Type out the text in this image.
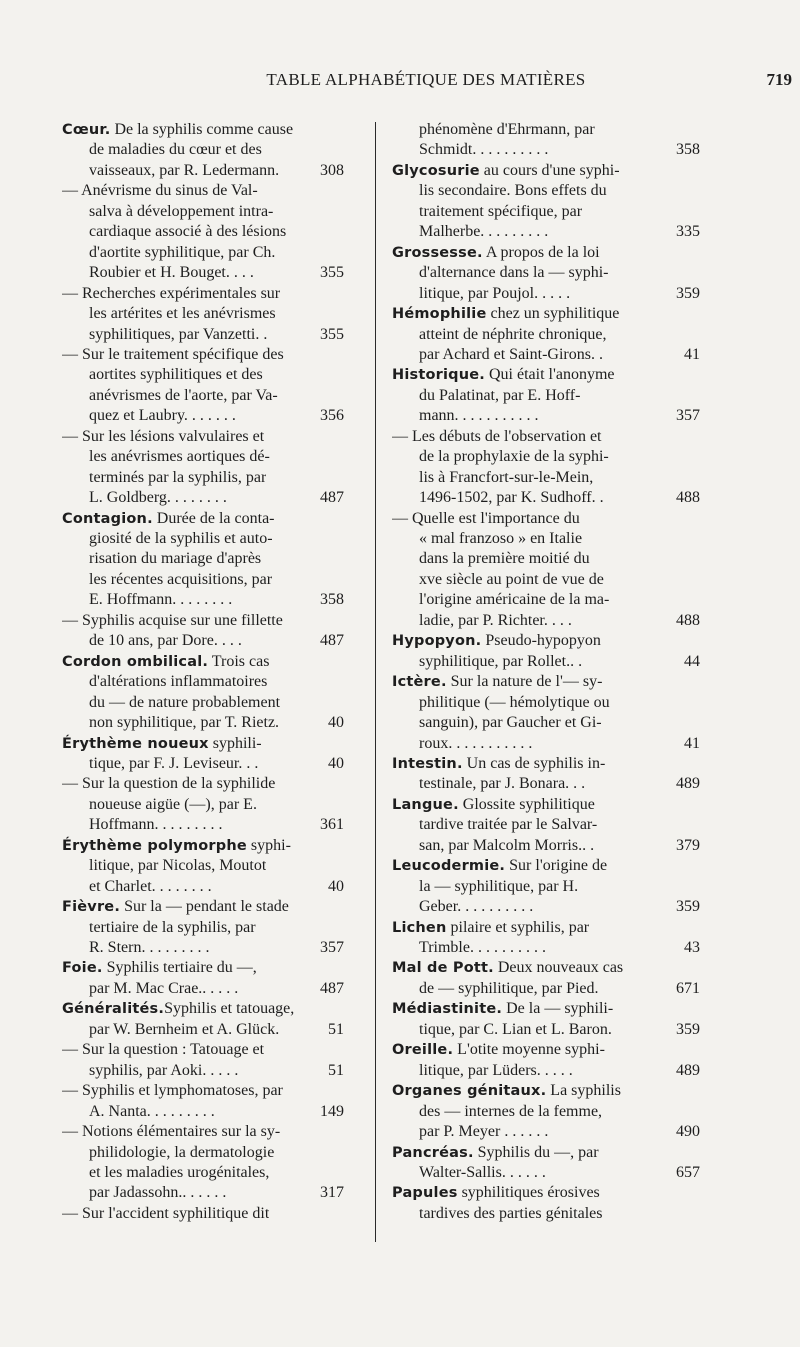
TABLE ALPHABÉTIQUE DES MATIÈRES	719
Cœur. De la syphilis comme cause
de maladies du cœur et des
vaisseaux, par R. Ledermann.	308
— Anévrisme du sinus de Val-
salva à développement intra-
cardiaque associé à des lésions
d'aortite syphilitique, par Ch.
Roubier et H. Bouget. . . .	355
— Recherches expérimentales sur
les artérites et les anévrismes
syphilitiques, par Vanzetti. .	355
— Sur le traitement spécifique des
aortites syphilitiques et des
anévrismes de l'aorte, par Va-
quez et Laubry. . . . . . .	356
— Sur les lésions valvulaires et
les anévrismes aortiques dé-
terminés par la syphilis, par
L. Goldberg. . . . . . . .	487
Contagion. Durée de la conta-
giosité de la syphilis et auto-
risation du mariage d'après
les récentes acquisitions, par
E. Hoffmann. . . . . . . .	358
— Syphilis acquise sur une fillette
de 10 ans, par Dore. . . .	487
Cordon ombilical. Trois cas
d'altérations inflammatoires
du — de nature probablement
non syphilitique, par T. Rietz.	40
Érythème noueux syphili-
tique, par F. J. Leviseur. . .	40
— Sur la question de la syphilide
noueuse aigüe (—), par E.
Hoffmann. . . . . . . . .	361
Érythème polymorphe syphi-
litique, par Nicolas, Moutot
et Charlet. . . . . . . .	40
Fièvre. Sur la — pendant le stade
tertiaire de la syphilis, par
R. Stern. . . . . . . . .	357
Foie. Syphilis tertiaire du —,
par M. Mac Crae.. . . . .	487
Généralités.Syphilis et tatouage,
par W. Bernheim et A. Glück.	51
— Sur la question : Tatouage et
syphilis, par Aoki. . . . .	51
— Syphilis et lymphomatoses, par
A. Nanta. . . . . . . . .	149
— Notions élémentaires sur la sy-
philidologie, la dermatologie
et les maladies urogénitales,
par Jadassohn.. . . . . .	317
— Sur l'accident syphilitique dit
phénomène d'Ehrmann, par
Schmidt. . . . . . . . . .	358
Glycosurie au cours d'une syphi-
lis secondaire. Bons effets du
traitement spécifique, par
Malherbe. . . . . . . . .	335
Grossesse. A propos de la loi
d'alternance dans la — syphi-
litique, par Poujol. . . . .	359
Hémophilie chez un syphilitique
atteint de néphrite chronique,
par Achard et Saint-Girons. .	41
Historique. Qui était l'anonyme
du Palatinat, par E. Hoff-
mann. . . . . . . . . . .	357
— Les débuts de l'observation et
de la prophylaxie de la syphi-
lis à Francfort-sur-le-Mein,
1496-1502, par K. Sudhoff. .	488
— Quelle est l'importance du
« mal franzoso » en Italie
dans la première moitié du
xve siècle au point de vue de
l'origine américaine de la ma-
ladie, par P. Richter. . . .	488
Hypopyon. Pseudo-hypopyon
syphilitique, par Rollet.. .	44
Ictère. Sur la nature de l'— sy-
philitique (— hémolytique ou
sanguin), par Gaucher et Gi-
roux. . . . . . . . . . .	41
Intestin. Un cas de syphilis in-
testinale, par J. Bonara. . .	489
Langue. Glossite syphilitique
tardive traitée par le Salvar-
san, par Malcolm Morris.. .	379
Leucodermie. Sur l'origine de
la — syphilitique, par H.
Geber. . . . . . . . . .	359
Lichen pilaire et syphilis, par
Trimble. . . . . . . . . .	43
Mal de Pott. Deux nouveaux cas
de — syphilitique, par Pied.	671
Médiastinite. De la — syphili-
tique, par C. Lian et L. Baron.	359
Oreille. L'otite moyenne syphi-
litique, par Lüders. . . . .	489
Organes génitaux. La syphilis
des — internes de la femme,
par P. Meyer . . . . . .	490
Pancréas. Syphilis du —, par
Walter-Sallis. . . . . .	657
Papules syphilitiques érosives
tardives des parties génitales
